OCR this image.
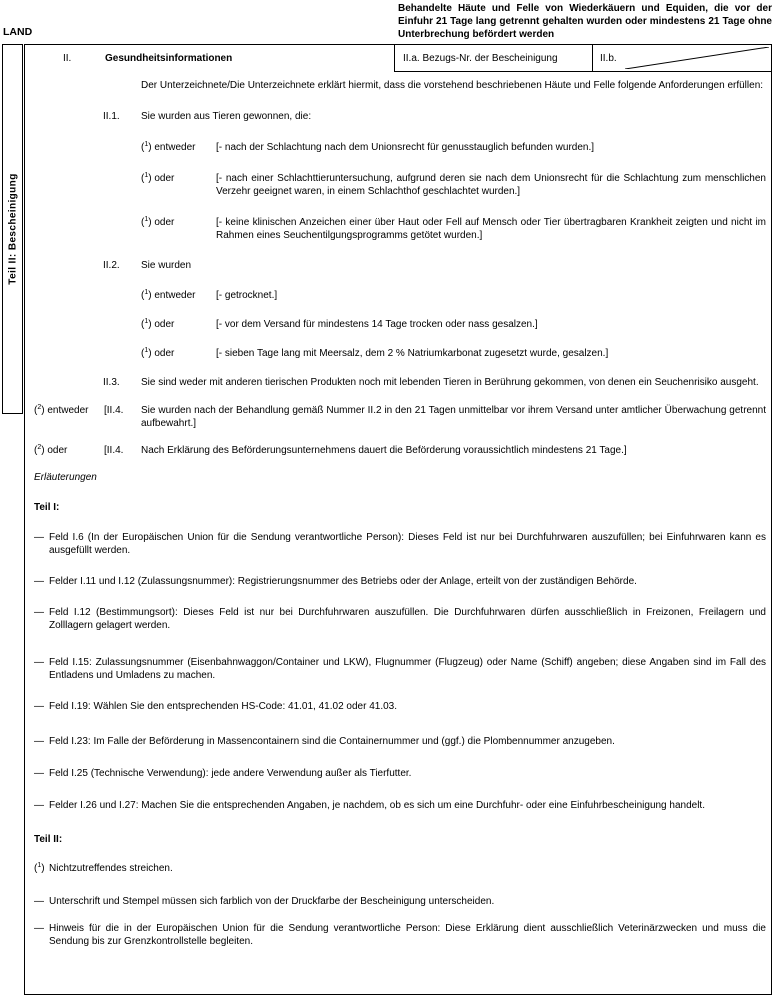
LAND
Behandelte Häute und Felle von Wiederkäuern und Equiden, die vor der Einfuhr 21 Tage lang getrennt gehalten wurden oder mindestens 21 Tage ohne Unterbrechung befördert werden
Teil II: Bescheinigung
II.	Gesundheitsinformationen	II.a. Bezugs-Nr. der Bescheinigung	II.b.
Der Unterzeichnete/Die Unterzeichnete erklärt hiermit, dass die vorstehend beschriebenen Häute und Felle folgende Anforderungen erfüllen:
II.1.	Sie wurden aus Tieren gewonnen, die:
($^1$) entweder	[- nach der Schlachtung nach dem Unionsrecht für genusstauglich befunden wurden.]
($^1$) oder	[- nach einer Schlachttieruntersuchung, aufgrund deren sie nach dem Unionsrecht für die Schlachtung zum menschlichen Verzehr geeignet waren, in einem Schlachthof geschlachtet wurden.]
($^1$) oder	[- keine klinischen Anzeichen einer über Haut oder Fell auf Mensch oder Tier übertragbaren Krankheit zeigten und nicht im Rahmen eines Seuchentilgungsprogramms getötet wurden.]
II.2.	Sie wurden
($^1$) entweder	[- getrocknet.]
($^1$) oder	[- vor dem Versand für mindestens 14 Tage trocken oder nass gesalzen.]
($^1$) oder	[- sieben Tage lang mit Meersalz, dem 2 % Natriumkarbonat zugesetzt wurde, gesalzen.]
II.3.	Sie sind weder mit anderen tierischen Produkten noch mit lebenden Tieren in Berührung gekommen, von denen ein Seuchenrisiko ausgeht.
($^2$) entweder	[II.4.	Sie wurden nach der Behandlung gemäß Nummer II.2 in den 21 Tagen unmittelbar vor ihrem Versand unter amtlicher Überwachung getrennt aufbewahrt.]
($^2$) oder	[II.4.	Nach Erklärung des Beförderungsunternehmens dauert die Beförderung voraussichtlich mindestens 21 Tage.]
Erläuterungen
Teil I:
— Feld I.6 (In der Europäischen Union für die Sendung verantwortliche Person): Dieses Feld ist nur bei Durchfuhrwaren auszufüllen; bei Einfuhrwaren kann es ausgefüllt werden.
— Felder I.11 und I.12 (Zulassungsnummer): Registrierungsnummer des Betriebs oder der Anlage, erteilt von der zuständigen Behörde.
— Feld I.12 (Bestimmungsort): Dieses Feld ist nur bei Durchfuhrwaren auszufüllen. Die Durchfuhrwaren dürfen ausschließlich in Freizonen, Freilagern und Zolllagern gelagert werden.
— Feld I.15: Zulassungsnummer (Eisenbahnwaggon/Container und LKW), Flugnummer (Flugzeug) oder Name (Schiff) angeben; diese Angaben sind im Fall des Entladens und Umladens zu machen.
— Feld I.19: Wählen Sie den entsprechenden HS-Code: 41.01, 41.02 oder 41.03.
— Feld I.23: Im Falle der Beförderung in Massencontainern sind die Containernummer und (ggf.) die Plombennummer anzugeben.
— Feld I.25 (Technische Verwendung): jede andere Verwendung außer als Tierfutter.
— Felder I.26 und I.27: Machen Sie die entsprechenden Angaben, je nachdem, ob es sich um eine Durchfuhr- oder eine Einfuhrbescheinigung handelt.
Teil II:
($^1$) Nichtzutreffendes streichen.
— Unterschrift und Stempel müssen sich farblich von der Druckfarbe der Bescheinigung unterscheiden.
— Hinweis für die in der Europäischen Union für die Sendung verantwortliche Person: Diese Erklärung dient ausschließlich Veterinärzwecken und muss die Sendung bis zur Grenzkontrollstelle begleiten.
